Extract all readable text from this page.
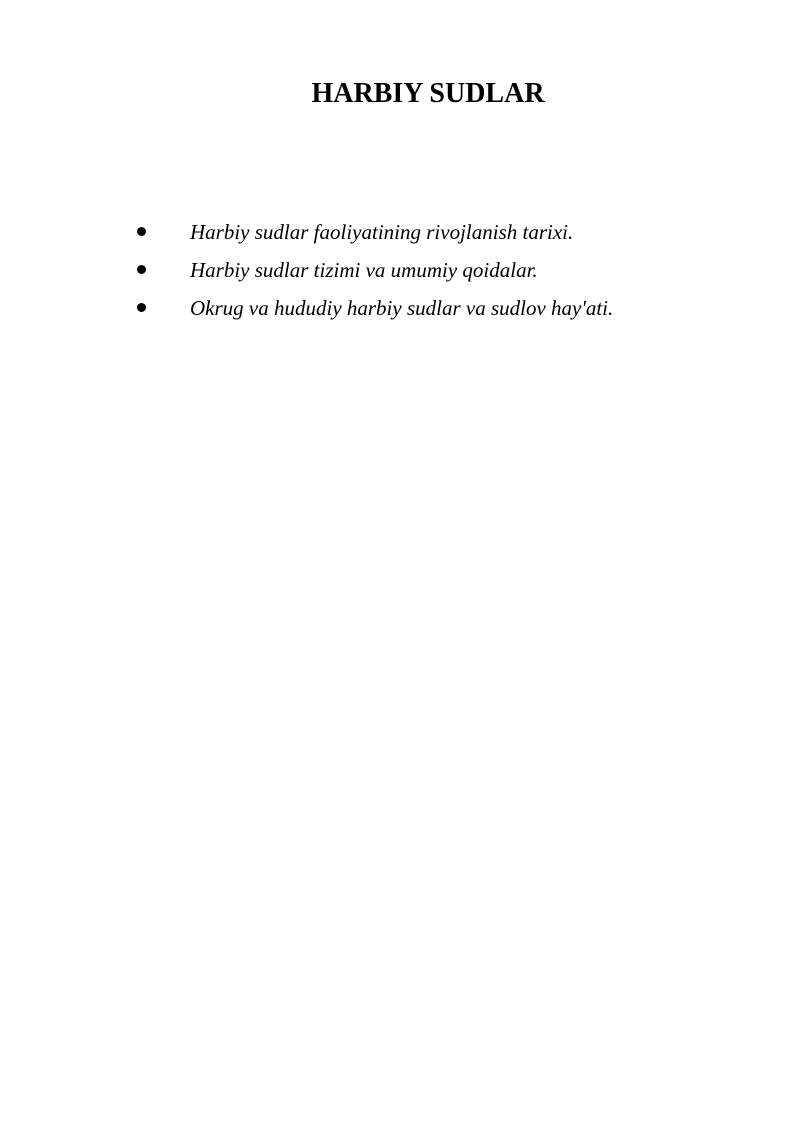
HARBIY SUDLAR
Harbiy sudlar faoliyatining rivojlanish tarixi.
Harbiy sudlar tizimi va umumiy qoidalar.
Okrug va hududiy harbiy sudlar va sudlov hay'ati.
